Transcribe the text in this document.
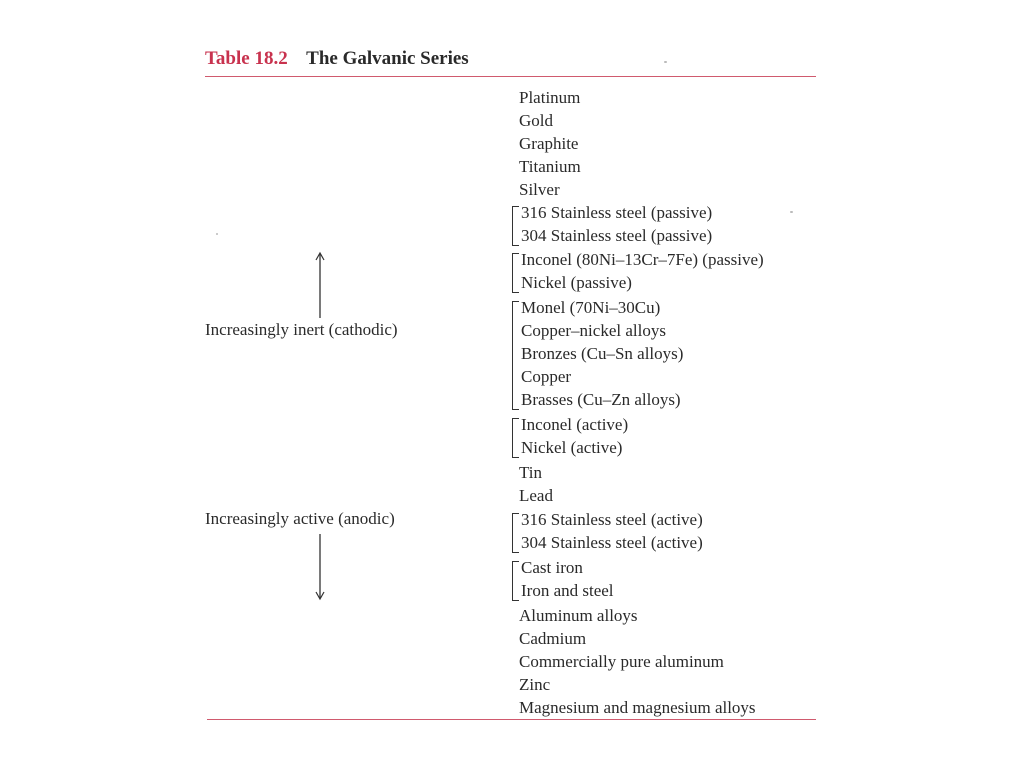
Table 18.2 The Galvanic Series
Increasingly inert (cathodic)
Increasingly active (anodic)
Platinum
Gold
Graphite
Titanium
Silver
316 Stainless steel (passive)
304 Stainless steel (passive)
Inconel (80Ni–13Cr–7Fe) (passive)
Nickel (passive)
Monel (70Ni–30Cu)
Copper–nickel alloys
Bronzes (Cu–Sn alloys)
Copper
Brasses (Cu–Zn alloys)
Inconel (active)
Nickel (active)
Tin
Lead
316 Stainless steel (active)
304 Stainless steel (active)
Cast iron
Iron and steel
Aluminum alloys
Cadmium
Commercially pure aluminum
Zinc
Magnesium and magnesium alloys
